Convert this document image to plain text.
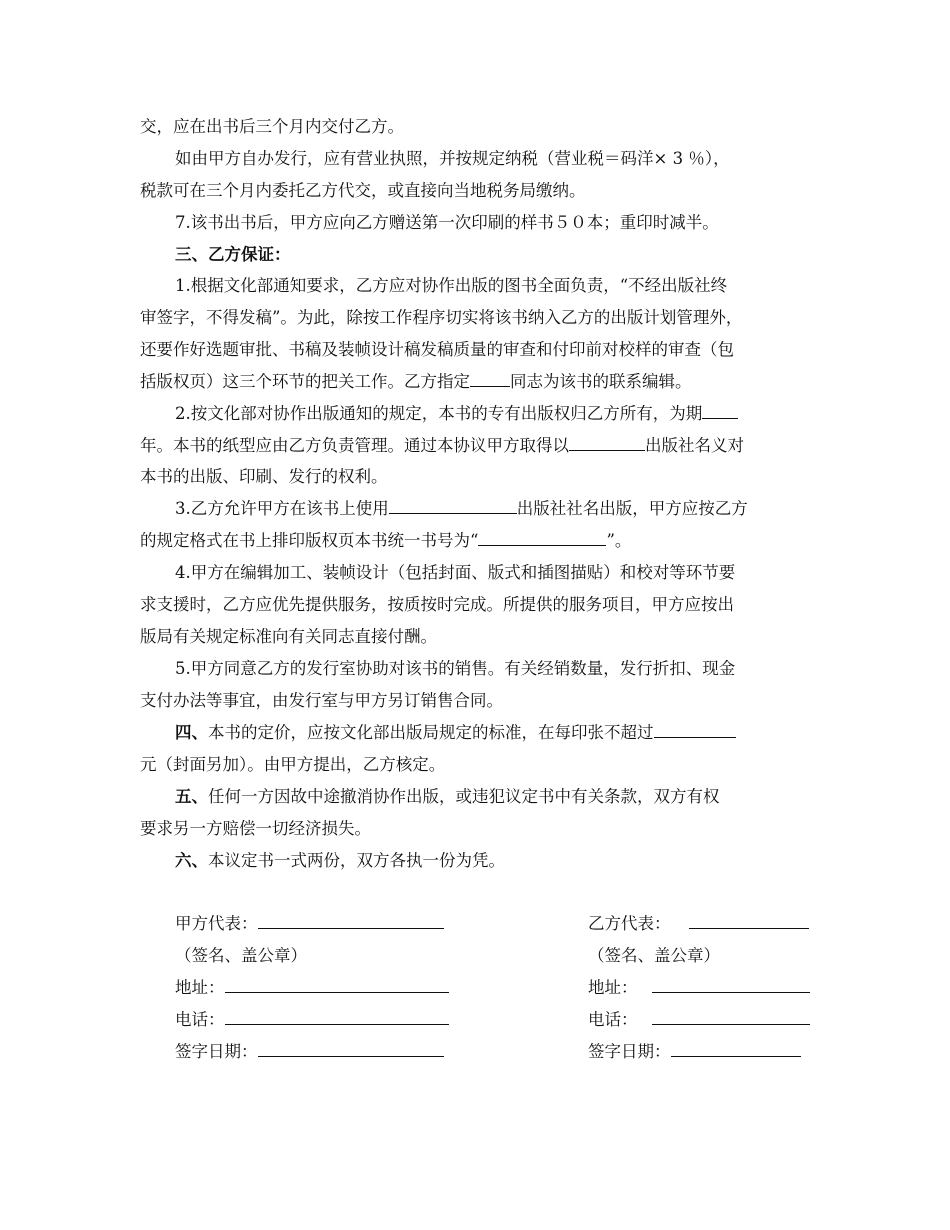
交，应在出书后三个月内交付乙方。
如由甲方自办发行，应有营业执照，并按规定纳税（营业税＝码洋× 3 ％），
税款可在三个月内委托乙方代交，或直接向当地税务局缴纳。
7.该书出书后，甲方应向乙方赠送第一次印刷的样书５０本；重印时减半。
三、乙方保证：
1.根据文化部通知要求，乙方应对协作出版的图书全面负责，“不经出版社终
审签字，不得发稿”。为此，除按工作程序切实将该书纳入乙方的出版计划管理外，
还要作好选题审批、书稿及装帧设计稿发稿质量的审查和付印前对校样的审查（包
括版权页）这三个环节的把关工作。乙方指定 同志为该书的联系编辑。
2.按文化部对协作出版通知的规定，本书的专有出版权归乙方所有，为期
年。本书的纸型应由乙方负责管理。通过本协议甲方取得以	出版社名义对
本书的出版、印刷、发行的权利。
3.乙方允许甲方在该书上使用	出版社社名出版，甲方应按乙方
的规定格式在书上排印版权页本书统一书号为“	”。
4.甲方在编辑加工、装帧设计（包括封面、版式和插图描贴）和校对等环节要
求支援时，乙方应优先提供服务，按质按时完成。所提供的服务项目，甲方应按出
版局有关规定标准向有关同志直接付酬。
5.甲方同意乙方的发行室协助对该书的销售。有关经销数量，发行折扣、现金
支付办法等事宜，由发行室与甲方另订销售合同。
四、本书的定价，应按文化部出版局规定的标准，在每印张不超过
元（封面另加）。由甲方提出，乙方核定。
五、任何一方因故中途撤消协作出版，或违犯议定书中有关条款，双方有权
要求另一方赔偿一切经济损失。
六、本议定书一式两份，双方各执一份为凭。
甲方代表：
（签名、盖公章）
地址：
电话：
签字日期：
乙方代表：
（签名、盖公章）
地址：
电话：
签字日期：
